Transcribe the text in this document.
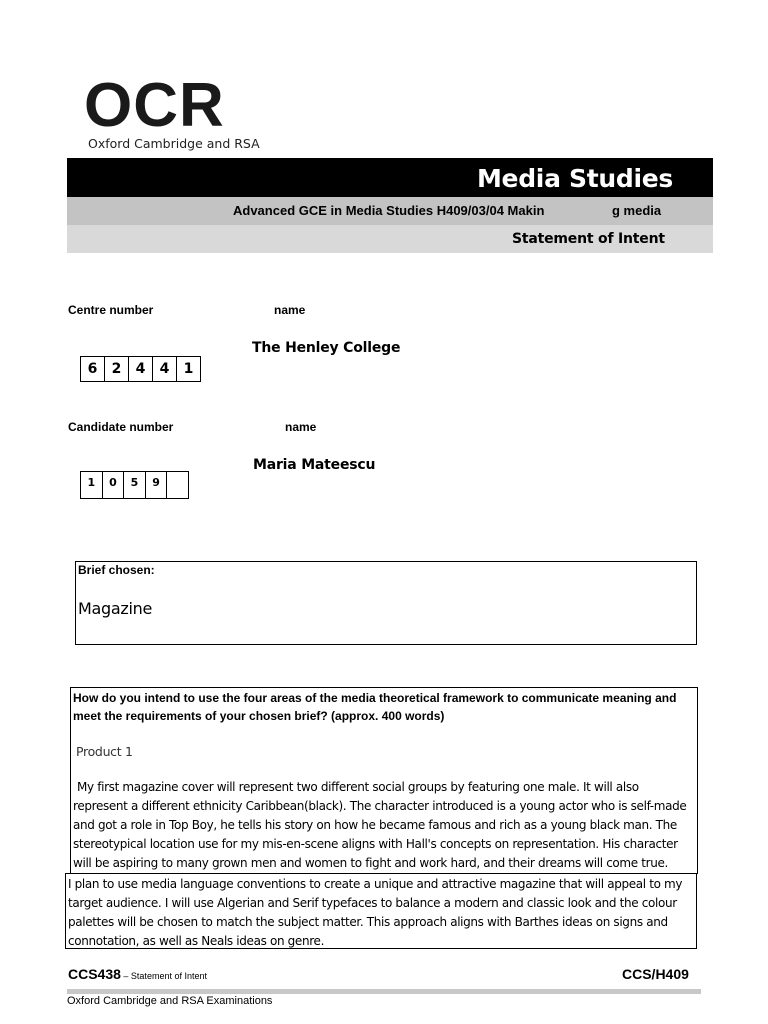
OCR
Oxford Cambridge and RSA
Media Studies
Advanced GCE in Media Studies H409/03/04 Makin	g media
Statement of Intent
Centre number	name
The Henley College
6	2	4	4	1
Candidate number	name
Maria Mateescu
1	0	5	9
Brief chosen:
Magazine
How do you intend to use the four areas of the media theoretical framework to communicate meaning and meet the requirements of your chosen brief? (approx. 400 words)
Product 1
My first magazine cover will represent two different social groups by featuring one male. It will also represent a different ethnicity Caribbean(black). The character introduced is a young actor who is self-made and got a role in Top Boy, he tells his story on how he became famous and rich as a young black man. The stereotypical location use for my mis-en-scene aligns with Hall's concepts on representation. His character will be aspiring to many grown men and women to fight and work hard, and their dreams will come true.
I plan to use media language conventions to create a unique and attractive magazine that will appeal to my target audience. I will use Algerian and Serif typefaces to balance a modern and classic look and the colour palettes will be chosen to match the subject matter. This approach aligns with Barthes ideas on signs and connotation, as well as Neals ideas on genre.
CCS438 – Statement of Intent	CCS/H409
Oxford Cambridge and RSA Examinations
